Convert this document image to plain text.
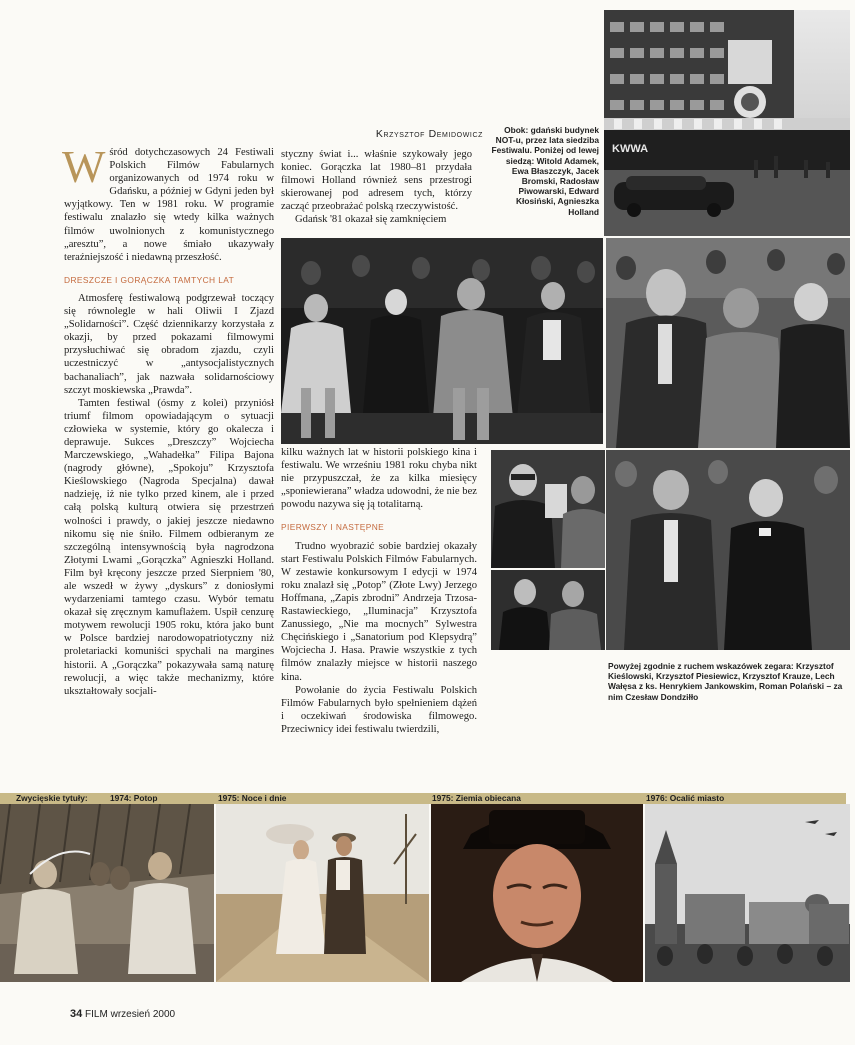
KWWA
Obok: gdański budynek NOT-u, przez lata siedziba Festiwalu. Poniżej od lewej siedzą: Witold Adamek, Ewa Błaszczyk, Jacek Bromski, Radosław Piwowarski, Edward Kłosiński, Agnieszka Holland

Wśród dotychczasowych 24 Festiwali Polskich Filmów Fabularnych organizowanych od 1974 roku w Gdańsku, a później w Gdyni jeden był wyjątkowy. Ten w 1981 roku. W programie festiwalu znalazło się wtedy kilka ważnych filmów uwolnionych z komunistycznego „aresztu”, a nowe śmiało ukazywały teraźniejszość i niedawną przeszłość.

DRESZCZE I GORĄCZKA TAMTYCH LAT

Atmosferę festiwalową podgrzewał toczący się równolegle w hali Oliwii I Zjazd „Solidarności”. Część dziennikarzy korzystała z okazji, by przed pokazami filmowymi przysłuchiwać się obradom zjazdu, czyli uczestniczyć w „antysocjalistycznych bachanaliach”, jak nazwała solidarnościowy szczyt moskiewska „Prawda”.

Tamten festiwal (ósmy z kolei) przyniósł triumf filmom opowiadającym o sytuacji człowieka w systemie, który go okalecza i deprawuje. Sukces „Dreszczy” Wojciecha Marczewskiego, „Wahadełka” Filipa Bajona (nagrody główne), „Spokoju” Krzysztofa Kieślowskiego (Nagroda Specjalna) dawał nadzieję, iż nie tylko przed kinem, ale i przed całą polską kulturą otwiera się przestrzeń wolności i prawdy, o jakiej jeszcze niedawno nikomu się nie śniło. Filmem odbieranym ze szczególną intensywnością była nagrodzona Złotymi Lwami „Gorączka” Agnieszki Holland. Film był kręcony jeszcze przed Sierpniem '80, ale wszedł w żywy „dyskurs” z doniosłymi wydarzeniami tamtego czasu. Wybór tematu okazał się zręcznym kamuflażem. Uspił cenzurę motywem rewolucji 1905 roku, która jako bunt w Polsce bardziej narodowopatriotyczny niż proletariacki komuniści spychali na margines historii. A „Gorączka” pokazywała samą naturę rewolucji, a więc także mechanizmy, które ukształtowały socjali-

Krzysztof Demidowicz

styczny świat i... właśnie szykowały jego koniec. Gorączka lat 1980–81 przydała filmowi Holland również sens przestrogi skierowanej pod adresem tych, którzy zacząć przeobrażać polską rzeczywistość.

Gdańsk '81 okazał się zamknięciem

kilku ważnych lat w historii polskiego kina i festiwalu. We wrześniu 1981 roku chyba nikt nie przypuszczał, że za kilka miesięcy „sponiewierana” władza udowodni, że nie bez powodu nazywa się ją totalitarną.

PIERWSZY I NASTĘPNE

Trudno wyobrazić sobie bardziej okazały start Festiwalu Polskich Filmów Fabularnych. W zestawie konkursowym I edycji w 1974 roku znalazł się „Potop” (Złote Lwy) Jerzego Hoffmana, „Zapis zbrodni” Andrzeja Trzosa-Rastawieckiego, „Iluminacja” Krzysztofa Zanussiego, „Nie ma mocnych” Sylwestra Chęcińskiego i „Sanatorium pod Klepsydrą” Wojciecha J. Hasa. Prawie wszystkie z tych filmów znalazły miejsce w historii naszego kina.

Powołanie do życia Festiwalu Polskich Filmów Fabularnych było spełnieniem dążeń i oczekiwań środowiska filmowego. Przeciwnicy idei festiwalu twierdzili,

Powyżej zgodnie z ruchem wskazówek zegara: Krzysztof Kieślowski, Krzysztof Piesiewicz, Krzysztof Krauze, Lech Wałęsa z ks. Henrykiem Jankowskim, Roman Polański – za nim Czesław Dondziłło
Zwycięskie tytuły:	1974: Potop	1975: Noce i dnie	1975: Ziemia obiecana	1976: Ocalić miasto
34 FILM wrzesień 2000
